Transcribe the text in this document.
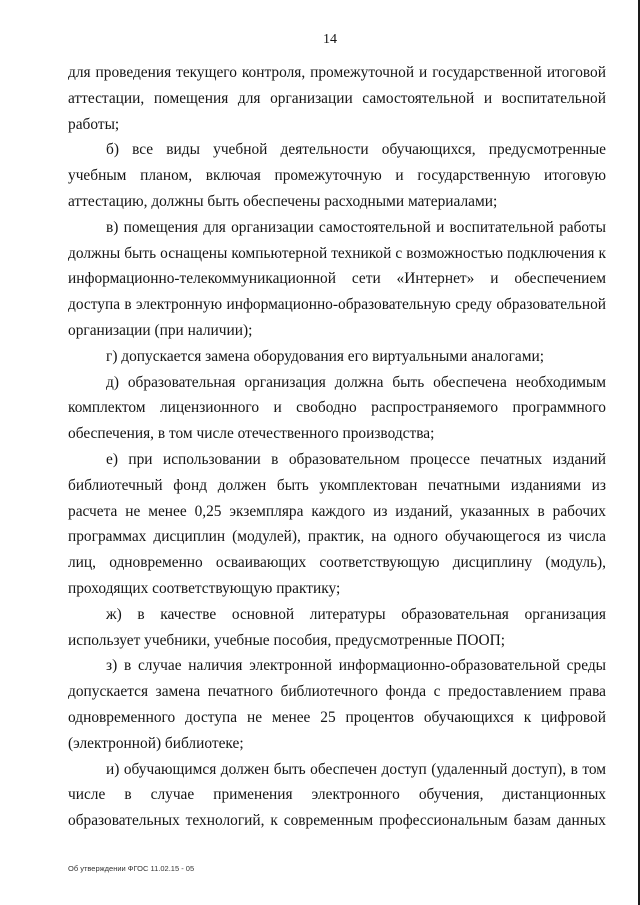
14

для проведения текущего контроля, промежуточной и государственной итоговой аттестации, помещения для организации самостоятельной и воспитательной работы;

б) все виды учебной деятельности обучающихся, предусмотренные учебным планом, включая промежуточную и государственную итоговую аттестацию, должны быть обеспечены расходными материалами;

в) помещения для организации самостоятельной и воспитательной работы должны быть оснащены компьютерной техникой с возможностью подключения к информационно-телекоммуникационной сети «Интернет» и обеспечением доступа в электронную информационно-образовательную среду образовательной организации (при наличии);

г) допускается замена оборудования его виртуальными аналогами;

д) образовательная организация должна быть обеспечена необходимым комплектом лицензионного и свободно распространяемого программного обеспечения, в том числе отечественного производства;

е) при использовании в образовательном процессе печатных изданий библиотечный фонд должен быть укомплектован печатными изданиями из расчета не менее 0,25 экземпляра каждого из изданий, указанных в рабочих программах дисциплин (модулей), практик, на одного обучающегося из числа лиц, одновременно осваивающих соответствующую дисциплину (модуль), проходящих соответствующую практику;

ж) в качестве основной литературы образовательная организация использует учебники, учебные пособия, предусмотренные ПООП;

з) в случае наличия электронной информационно-образовательной среды допускается замена печатного библиотечного фонда с предоставлением права одновременного доступа не менее 25 процентов обучающихся к цифровой (электронной) библиотеке;

и) обучающимся должен быть обеспечен доступ (удаленный доступ), в том числе в случае применения электронного обучения, дистанционных образовательных технологий, к современным профессиональным базам данных

Об утверждении ФГОС 11.02.15 - 05
